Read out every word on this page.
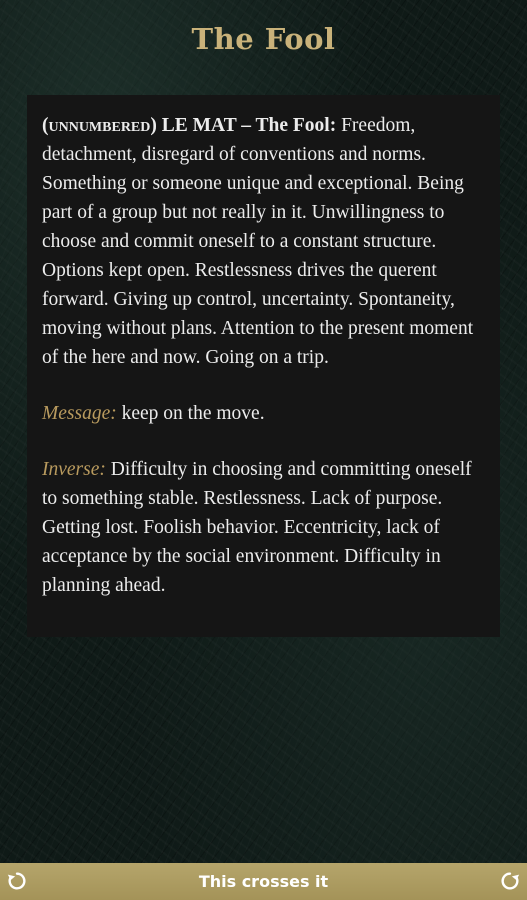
The Fool

(unnumbered) LE MAT – The Fool: Freedom, detachment, disregard of conventions and norms. Something or someone unique and exceptional. Being part of a group but not really in it. Unwillingness to choose and commit oneself to a constant structure. Options kept open. Restlessness drives the querent forward. Giving up control, uncertainty. Spontaneity, moving without plans. Attention to the present moment of the here and now. Going on a trip.

Message: keep on the move.

Inverse: Difficulty in choosing and committing oneself to something stable. Restlessness. Lack of purpose. Getting lost. Foolish behavior. Eccentricity, lack of acceptance by the social environment. Difficulty in planning ahead.

This crosses it
